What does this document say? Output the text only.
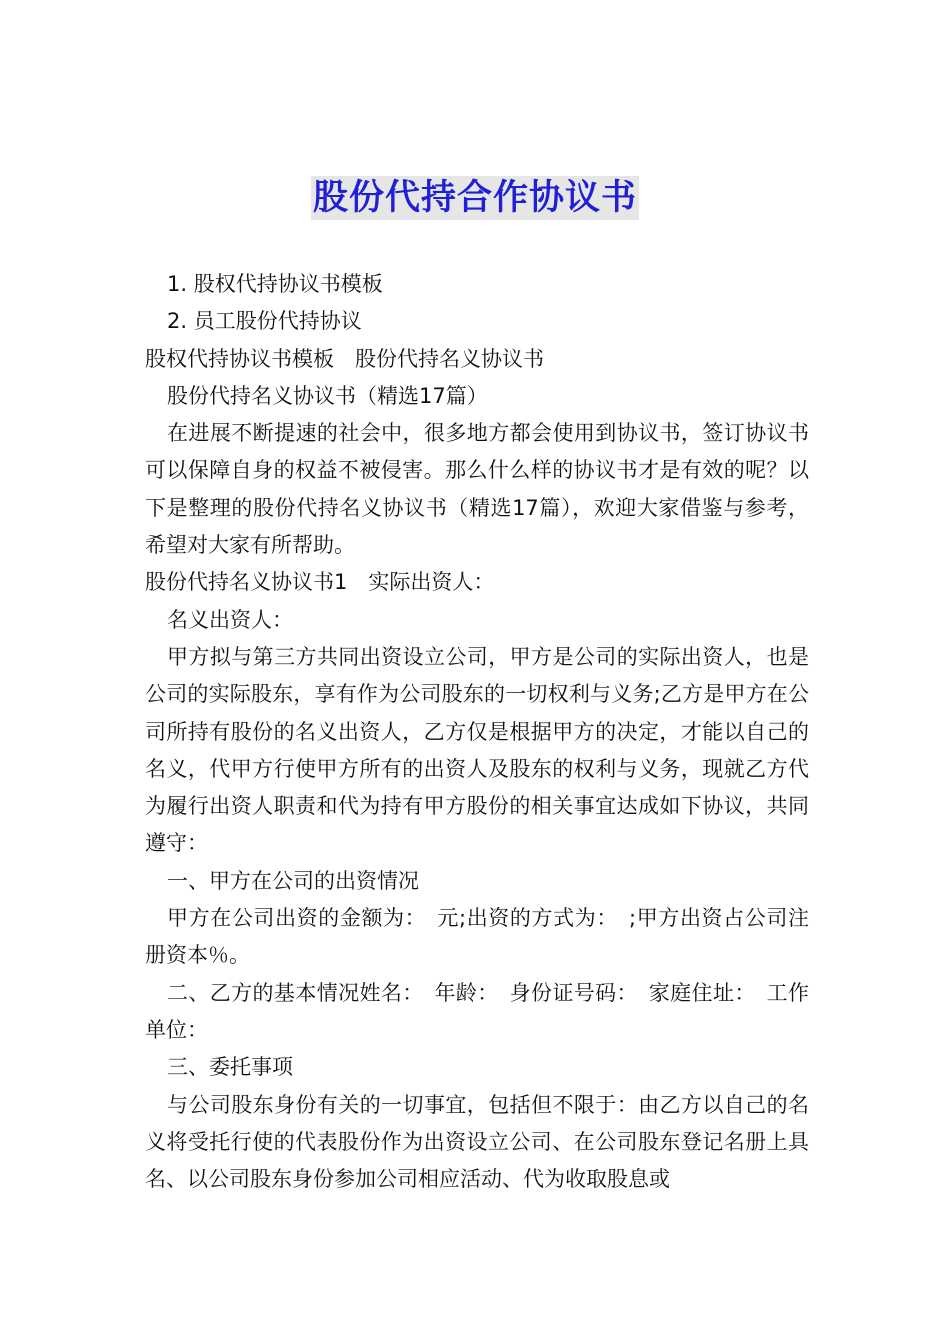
股份代持合作协议书

1. 股权代持协议书模板

2. 员工股份代持协议

股权代持协议书模板　股份代持名义协议书

股份代持名义协议书（精选17篇）

在进展不断提速的社会中，很多地方都会使用到协议书，签订协议书可以保障自身的权益不被侵害。那么什么样的协议书才是有效的呢？以下是整理的股份代持名义协议书（精选17篇），欢迎大家借鉴与参考，希望对大家有所帮助。

股份代持名义协议书1　实际出资人：

名义出资人：

甲方拟与第三方共同出资设立公司，甲方是公司的实际出资人，也是公司的实际股东，享有作为公司股东的一切权利与义务;乙方是甲方在公司所持有股份的名义出资人，乙方仅是根据甲方的决定，才能以自己的名义，代甲方行使甲方所有的出资人及股东的权利与义务，现就乙方代为履行出资人职责和代为持有甲方股份的相关事宜达成如下协议，共同遵守：

一、甲方在公司的出资情况

甲方在公司出资的金额为：　元;出资的方式为：　;甲方出资占公司注册资本％。

二、乙方的基本情况姓名：　年龄：　身份证号码：　家庭住址：　工作单位：

三、委托事项

与公司股东身份有关的一切事宜，包括但不限于：由乙方以自己的名义将受托行使的代表股份作为出资设立公司、在公司股东登记名册上具名、以公司股东身份参加公司相应活动、代为收取股息或
